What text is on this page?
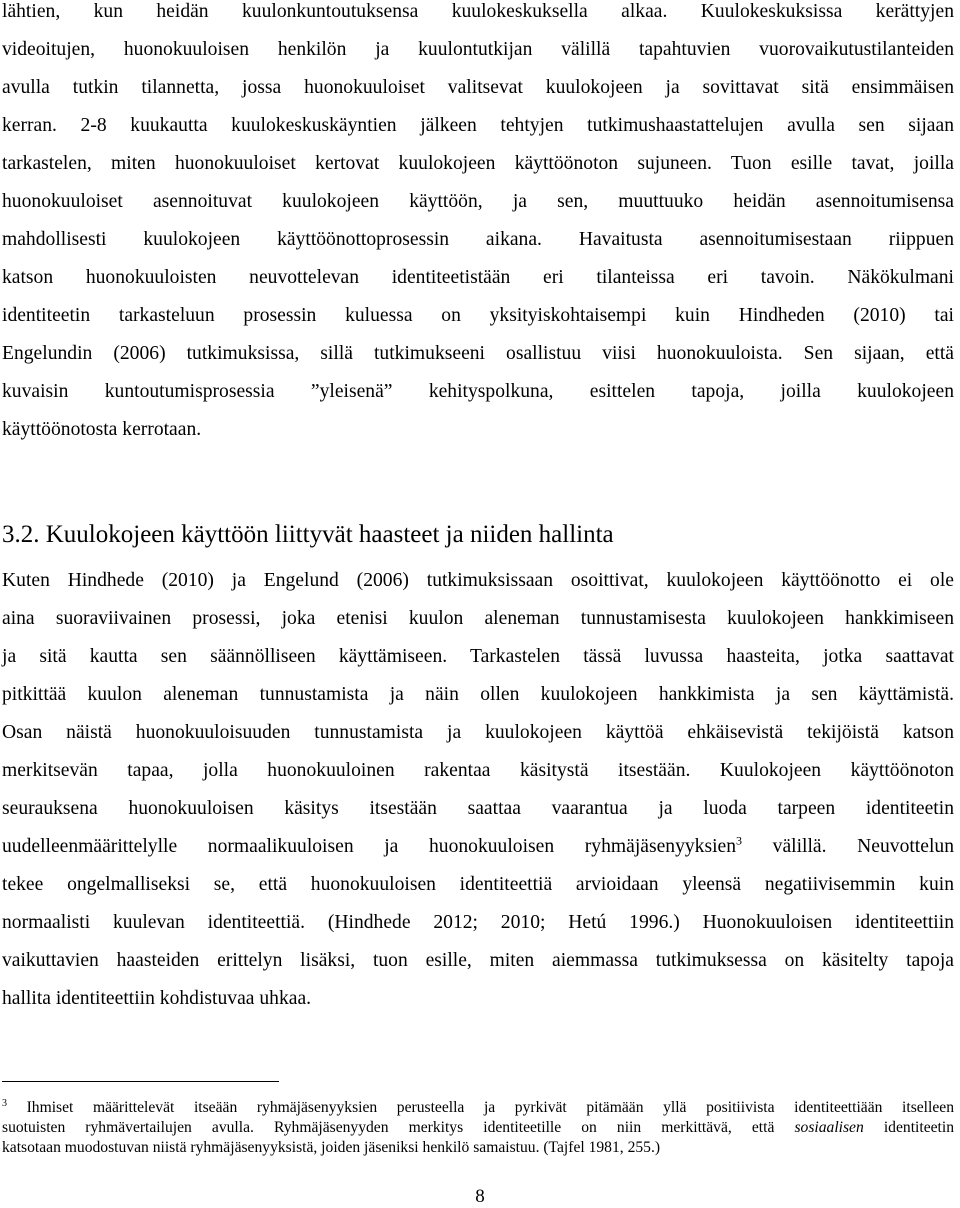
lähtien, kun heidän kuulonkuntoutuksensa kuulokeskuksella alkaa. Kuulokeskuksissa kerättyjen
videoitujen, huonokuuloisen henkilön ja kuulontutkijan välillä tapahtuvien vuorovaikutustilanteiden
avulla tutkin tilannetta, jossa huonokuuloiset valitsevat kuulokojeen ja sovittavat sitä ensimmäisen
kerran. 2-8 kuukautta kuulokeskuskäyntien jälkeen tehtyjen tutkimushaastattelujen avulla sen sijaan
tarkastelen, miten huonokuuloiset kertovat kuulokojeen käyttöönoton sujuneen. Tuon esille tavat, joilla
huonokuuloiset asennoituvat kuulokojeen käyttöön, ja sen, muuttuuko heidän asennoitumisensa
mahdollisesti kuulokojeen käyttöönottoprosessin aikana. Havaitusta asennoitumisestaan riippuen
katson huonokuuloisten neuvottelevan identiteetistään eri tilanteissa eri tavoin. Näkökulmani
identiteetin tarkasteluun prosessin kuluessa on yksityiskohtaisempi kuin Hindheden (2010) tai
Engelundin (2006) tutkimuksissa, sillä tutkimukseeni osallistuu viisi huonokuuloista. Sen sijaan, että
kuvaisin kuntoutumisprosessia ”yleisenä” kehityspolkuna, esittelen tapoja, joilla kuulokojeen
käyttöönotosta kerrotaan.
3.2. Kuulokojeen käyttöön liittyvät haasteet ja niiden hallinta
Kuten Hindhede (2010) ja Engelund (2006) tutkimuksissaan osoittivat, kuulokojeen käyttöönotto ei ole
aina suoraviivainen prosessi, joka etenisi kuulon aleneman tunnustamisesta kuulokojeen hankkimiseen
ja sitä kautta sen säännölliseen käyttämiseen. Tarkastelen tässä luvussa haasteita, jotka saattavat
pitkittää kuulon aleneman tunnustamista ja näin ollen kuulokojeen hankkimista ja sen käyttämistä.
Osan näistä huonokuuloisuuden tunnustamista ja kuulokojeen käyttöä ehkäisevistä tekijöistä katson
merkitsevän tapaa, jolla huonokuuloinen rakentaa käsitystä itsestään. Kuulokojeen käyttöönoton
seurauksena huonokuuloisen käsitys itsestään saattaa vaarantua ja luoda tarpeen identiteetin
uudelleenmäärittelylle normaalikuuloisen ja huonokuuloisen ryhmäjäsenyyksien$^3$ välillä. Neuvottelun
tekee ongelmalliseksi se, että huonokuuloisen identiteettiä arvioidaan yleensä negatiivisemmin kuin
normaalisti kuulevan identiteettiä. (Hindhede 2012; 2010; Hetú 1996.) Huonokuuloisen identiteettiin
vaikuttavien haasteiden erittelyn lisäksi, tuon esille, miten aiemmassa tutkimuksessa on käsitelty tapoja
hallita identiteettiin kohdistuvaa uhkaa.
$^3$ Ihmiset määrittelevät itseään ryhmäjäsenyyksien perusteella ja pyrkivät pitämään yllä positiivista identiteettiään itselleen
suotuisten ryhmävertailujen avulla. Ryhmäjäsenyyden merkitys identiteetille on niin merkittävä, että sosiaalisen identiteetin
katsotaan muodostuvan niistä ryhmäjäsenyyksistä, joiden jäseniksi henkilö samaistuu. (Tajfel 1981, 255.)
8
